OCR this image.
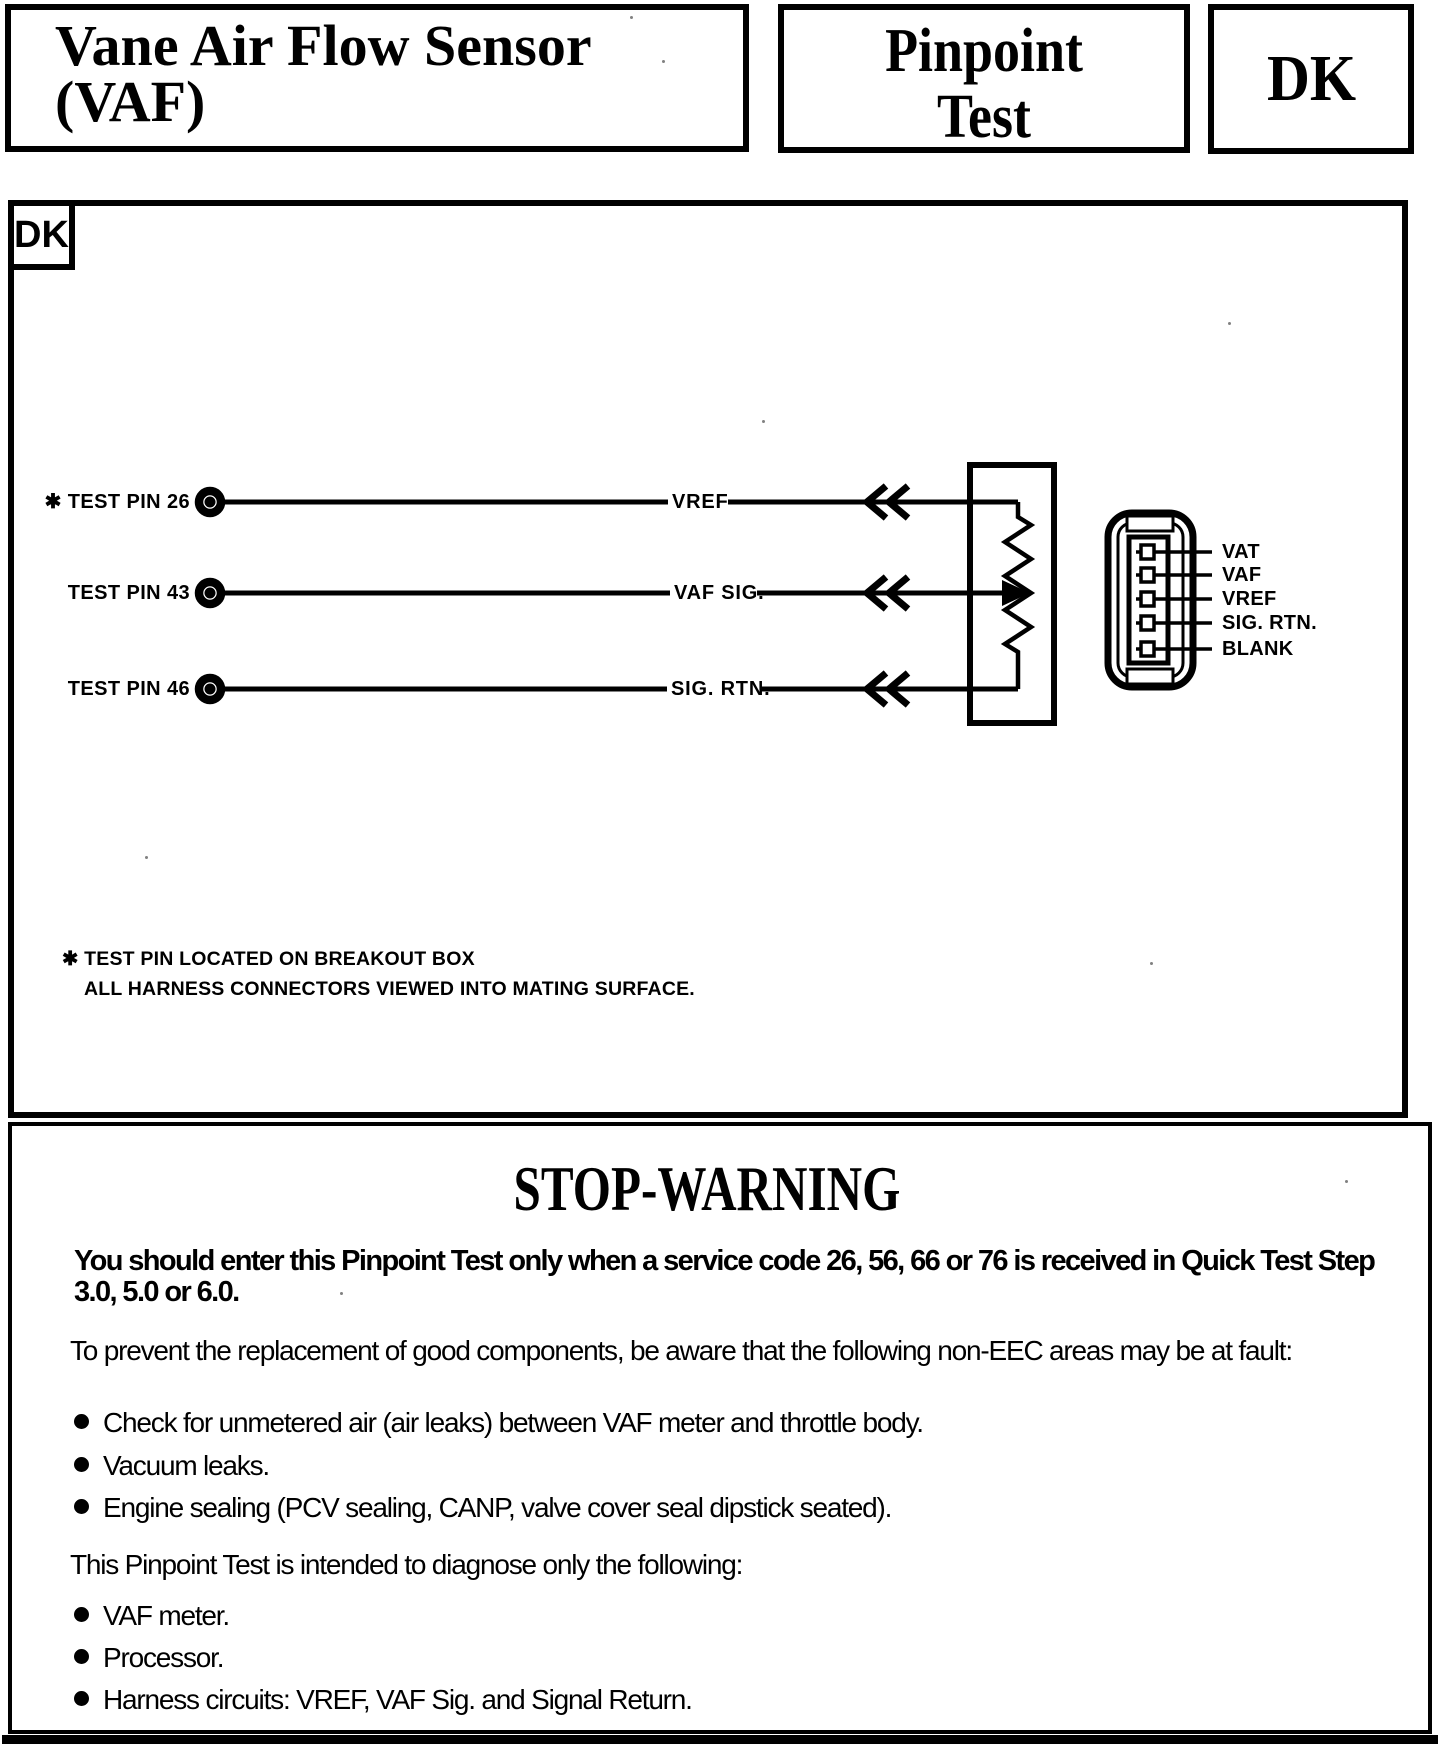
Vane Air Flow Sensor
(VAF)
Pinpoint
Test
DK
DK
✱ TEST PIN 26
TEST PIN 43
TEST PIN 46
VREF
VAF SIG.
SIG. RTN.
VAT
VAF
VREF
SIG. RTN.
BLANK
✱ TEST PIN LOCATED ON BREAKOUT BOX
ALL HARNESS CONNECTORS VIEWED INTO MATING SURFACE.
STOP-WARNING
You should enter this Pinpoint Test only when a service code 26, 56, 66 or 76 is received in Quick Test Step 3.0, 5.0 or 6.0.
To prevent the replacement of good components, be aware that the following non-EEC areas may be at fault:
Check for unmetered air (air leaks) between VAF meter and throttle body.
Vacuum leaks.
Engine sealing (PCV sealing, CANP, valve cover seal dipstick seated).
This Pinpoint Test is intended to diagnose only the following:
VAF meter.
Processor.
Harness circuits: VREF, VAF Sig. and Signal Return.
